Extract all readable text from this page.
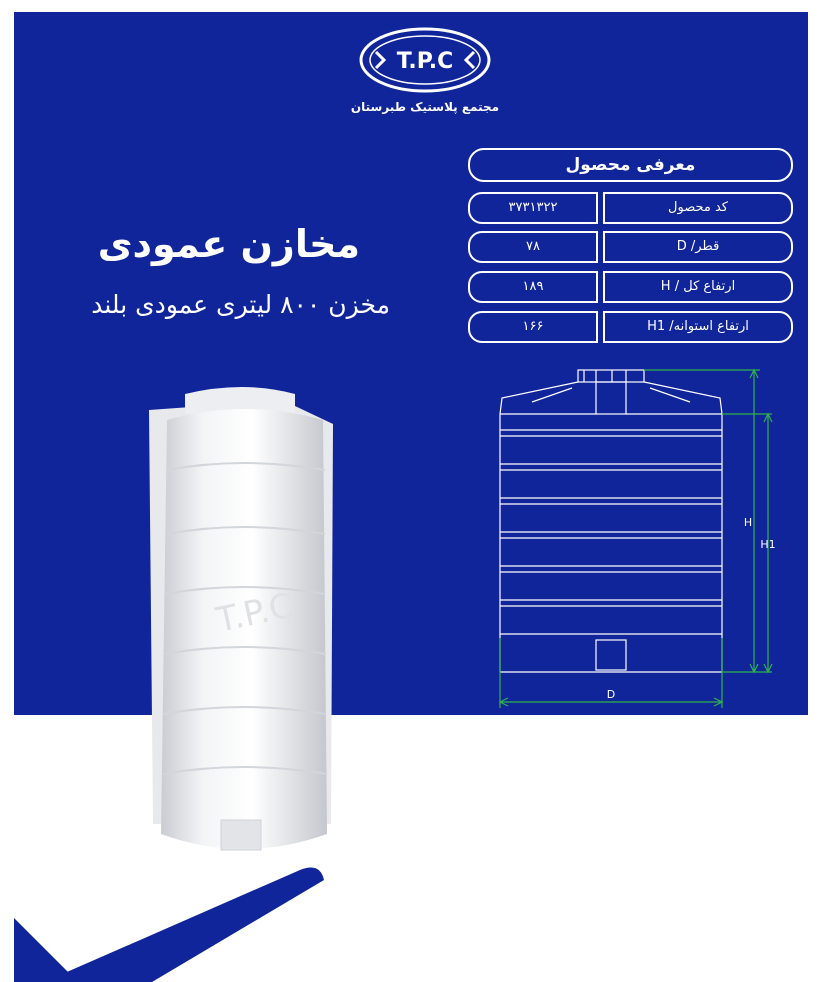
T.P.C
مجتمع پلاستیک طبرستان
مخازن عمودی
مخزن ۸۰۰ لیتری عمودی بلند
معرفی محصول
کد محصول
۳۷۳۱۳۲۲
قطر/ D
۷۸
ارتفاع کل / H
۱۸۹
ارتفاع استوانه/ H1
۱۶۶
D
H
H1
T.P.C
